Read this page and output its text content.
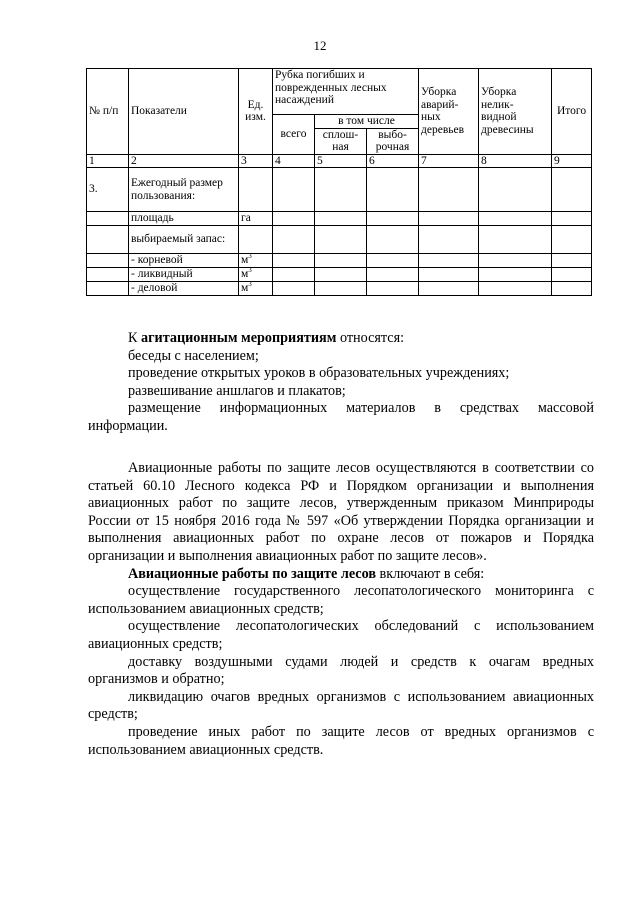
12
№ п/п	Показатели	Ед. изм.	Рубка погибших и поврежденных лесных насаждений			Уборка аварий-ных деревьев	Уборка нелик-видной древесины	Итого
			всего	в том числе				
				сплош-ная	выбо-рочная			
1	2	3	4	5	6	7	8	9
3.	Ежегодный размер пользования:							
	площадь	га						
	выбираемый запас:							
	- корневой	$м^3$						
	- ликвидный	$м^3$						
	- деловой	$м^3$						

К агитационным мероприятиям относятся:

беседы с населением;

проведение открытых уроков в образовательных учреждениях;

развешивание аншлагов и плакатов;

размещение информационных материалов в средствах массовой информации.

Авиационные работы по защите лесов осуществляются в соответствии со статьей 60.10 Лесного кодекса РФ и Порядком организации и выполнения авиационных работ по защите лесов, утвержденным приказом Минприроды России от 15 ноября 2016 года № 597 «Об утверждении Порядка организации и выполнения авиационных работ по охране лесов от пожаров и Порядка организации и выполнения авиационных работ по защите лесов».

Авиационные работы по защите лесов включают в себя:

осуществление государственного лесопатологического мониторинга с использованием авиационных средств;

осуществление лесопатологических обследований с использованием авиационных средств;

доставку воздушными судами людей и средств к очагам вредных организмов и обратно;

ликвидацию очагов вредных организмов с использованием авиационных средств;

проведение иных работ по защите лесов от вредных организмов с использованием авиационных средств.
